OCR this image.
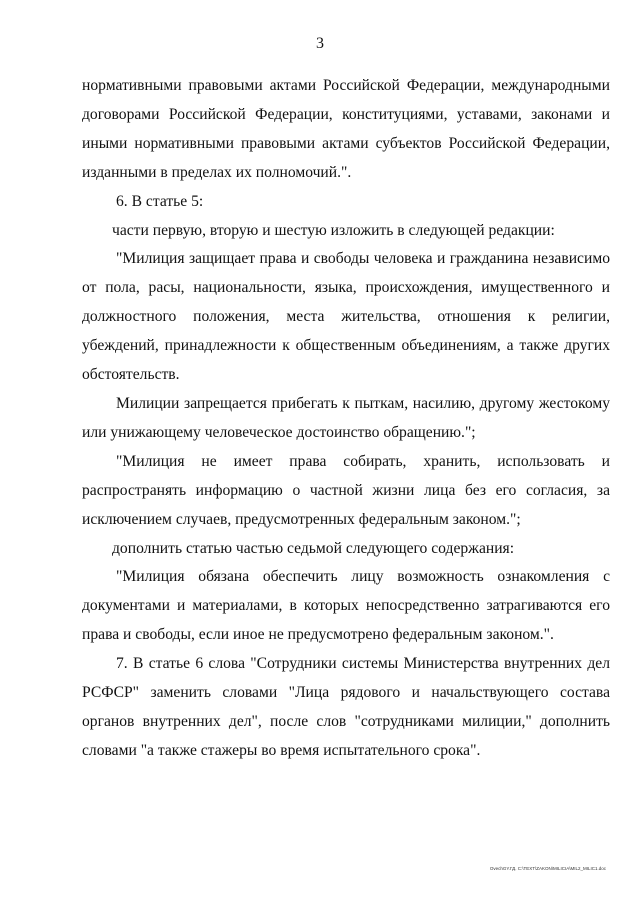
3

нормативными правовыми актами Российской Федерации, международными договорами Российской Федерации, конституциями, уставами, законами и иными нормативными правовыми актами субъектов Российской Федерации, изданными в пределах их полномочий.".

6. В статье 5:

части первую, вторую и шестую изложить в следующей редакции:

"Милиция защищает права и свободы человека и гражданина независимо от пола, расы, национальности, языка, происхождения, имущественного и должностного положения, места жительства, отношения к религии, убеждений, принадлежности к общественным объединениям, а также других обстоятельств.

Милиции запрещается прибегать к пыткам, насилию, другому жестокому или унижающему человеческое достоинство обращению.";

"Милиция не имеет права собирать, хранить, использовать и распространять информацию о частной жизни лица без его согласия, за исключением случаев, предусмотренных федеральным законом.";

дополнить статью частью седьмой следующего содержания:

"Милиция обязана обеспечить лицу возможность ознакомления с документами и материалами, в которых непосредственно затрагиваются его права и свободы, если иное не предусмотрено федеральным законом.".

7. В статье 6 слова "Сотрудники системы Министерства внутренних дел РСФСР" заменить словами "Лица рядового и начальствующего состава органов внутренних дел", после слов "сотрудниками милиции," дополнить словами "а также стажеры во время испытательного срока".

OvechGY.ГД. C:\TEXT\ZAKON\MILICIA\MIL2_MILIC1.doc
